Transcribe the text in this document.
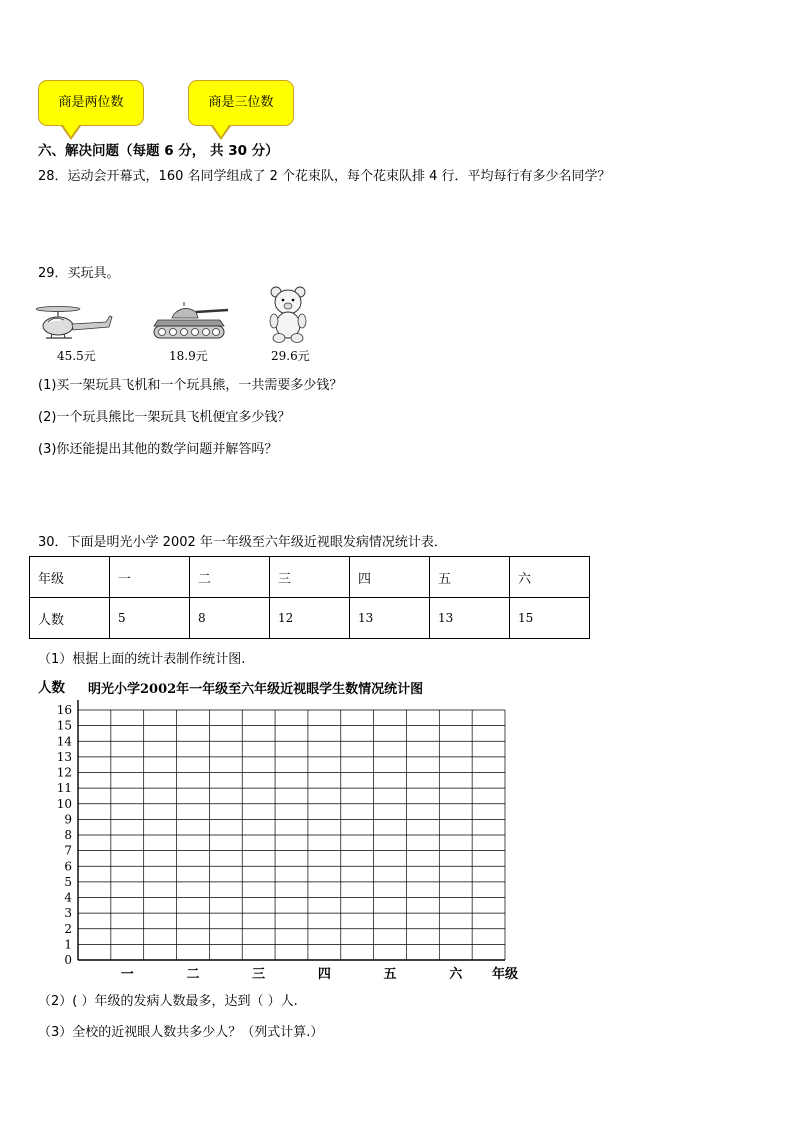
商是两位数	商是三位数
六、解决问题（每题 6 分， 共 30 分）
28．运动会开幕式，160 名同学组成了 2 个花束队，每个花束队排 4 行．平均每行有多少名同学？
29．买玩具。
45.5元	18.9元	29.6元
(1)买一架玩具飞机和一个玩具熊，一共需要多少钱？
(2)一个玩具熊比一架玩具飞机便宜多少钱？
(3)你还能提出其他的数学问题并解答吗？
30．下面是明光小学 2002 年一年级至六年级近视眼发病情况统计表．
年级	一	二	三	四	五	六
人数	5	8	12	13	13	15
（1）根据上面的统计表制作统计图.
人数 明光小学2002年一年级至六年级近视眼学生数情况统计图
0
1
2
3
4
5
6
7
8
9
10
11
12
13
14
15
16
一	二	三	四	五	六 年级
（2）( ）年级的发病人数最多，达到（ ）人.
（3）全校的近视眼人数共多少人？（列式计算.）
